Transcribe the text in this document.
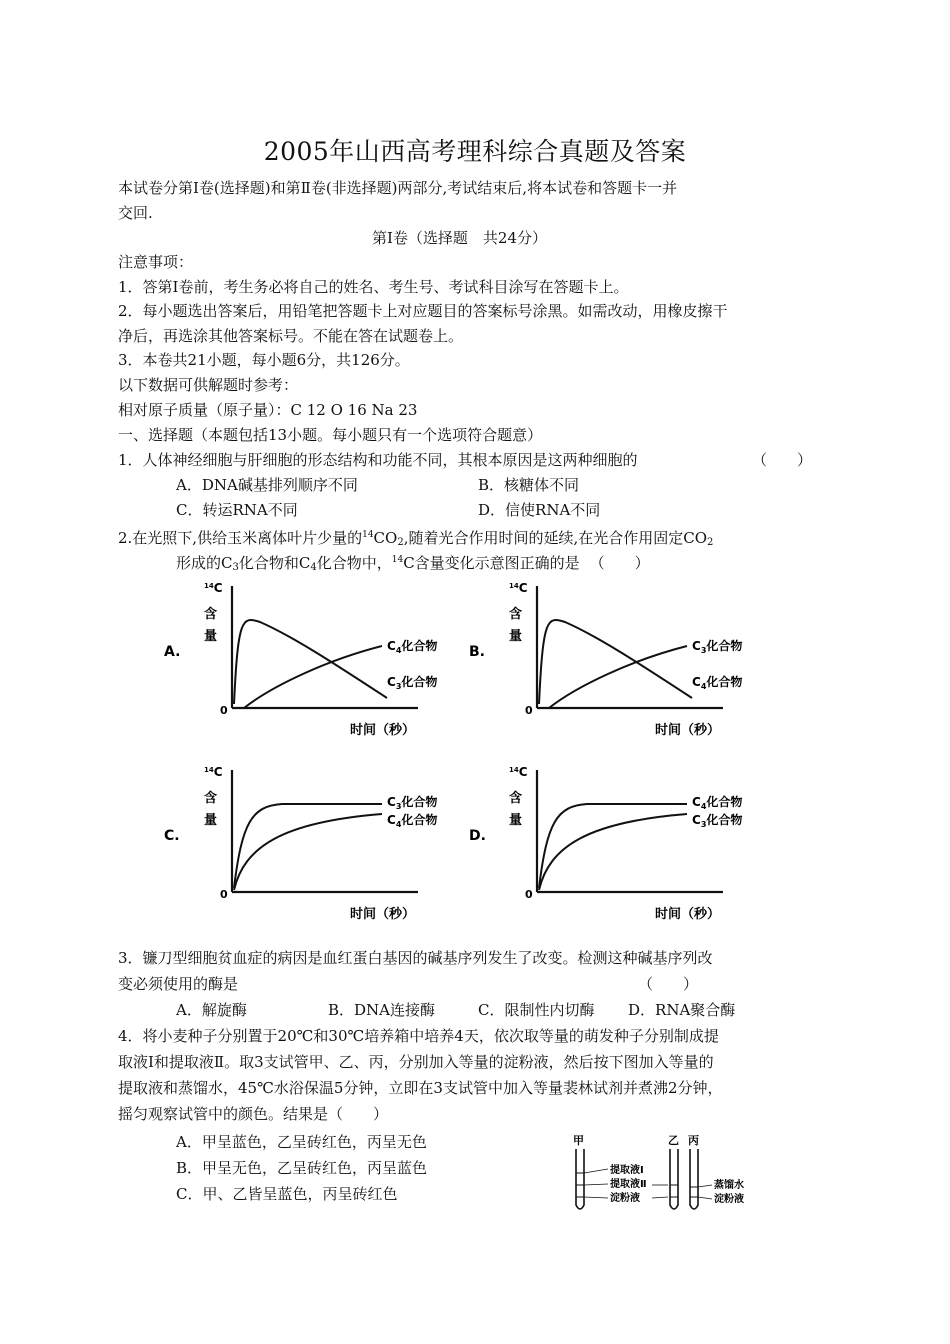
2005年山西高考理科综合真题及答案
本试卷分第Ⅰ卷(选择题)和第Ⅱ卷(非选择题)两部分,考试结束后,将本试卷和答题卡一并
交回.
第Ⅰ卷（选择题　共24分）
注意事项：
1．答第Ⅰ卷前，考生务必将自己的姓名、考生号、考试科目涂写在答题卡上。
2．每小题选出答案后，用铅笔把答题卡上对应题目的答案标号涂黑。如需改动，用橡皮擦干
净后，再选涂其他答案标号。不能在答在试题卷上。
3．本卷共21小题，每小题6分，共126分。
以下数据可供解题时参考：
相对原子质量（原子量）：C 12 O 16 Na 23
一、选择题（本题包括13小题。每小题只有一个选项符合题意）
1．人体神经细胞与肝细胞的形态结构和功能不同，其根本原因是这两种细胞的	（　　）
A．DNA碱基排列顺序不同	B．核糖体不同
C．转运RNA不同	D．信使RNA不同
2.在光照下,供给玉米离体叶片少量的$^{14}CO_2$,随着光合作用时间的延续,在光合作用固定$CO_2$
形成的$C_3$化合物和$C_4$化合物中，$^{14}$C含量变化示意图正确的是 （　　）
A.
$^{14}$C
含
量
0
时间（秒）
$C_4$化合物
$C_3$化合物
B.
$^{14}$C
含
量
0
时间（秒）
$C_3$化合物
$C_4$化合物
C.
$^{14}$C
含
量
0
时间（秒）
$C_3$化合物
$C_4$化合物
D.
$^{14}$C
含
量
0
时间（秒）
$C_4$化合物
$C_3$化合物
3．镰刀型细胞贫血症的病因是血红蛋白基因的碱基序列发生了改变。检测这种碱基序列改
变必须使用的酶是	（　　）
A．解旋酶	B．DNA连接酶	C．限制性内切酶 D．RNA聚合酶
4．将小麦种子分别置于20℃和30℃培养箱中培养4天，依次取等量的萌发种子分别制成提
取液Ⅰ和提取液Ⅱ。取3支试管甲、乙、丙，分别加入等量的淀粉液，然后按下图加入等量的
提取液和蒸馏水，45℃水浴保温5分钟，立即在3支试管中加入等量裴林试剂并煮沸2分钟，
摇匀观察试管中的颜色。结果是（　　）
A．甲呈蓝色，乙呈砖红色，丙呈无色
B．甲呈无色，乙呈砖红色，丙呈蓝色
C．甲、乙皆呈蓝色，丙呈砖红色
甲	乙 丙
提取液Ⅰ
提取液Ⅱ
淀粉液
蒸馏水
淀粉液
